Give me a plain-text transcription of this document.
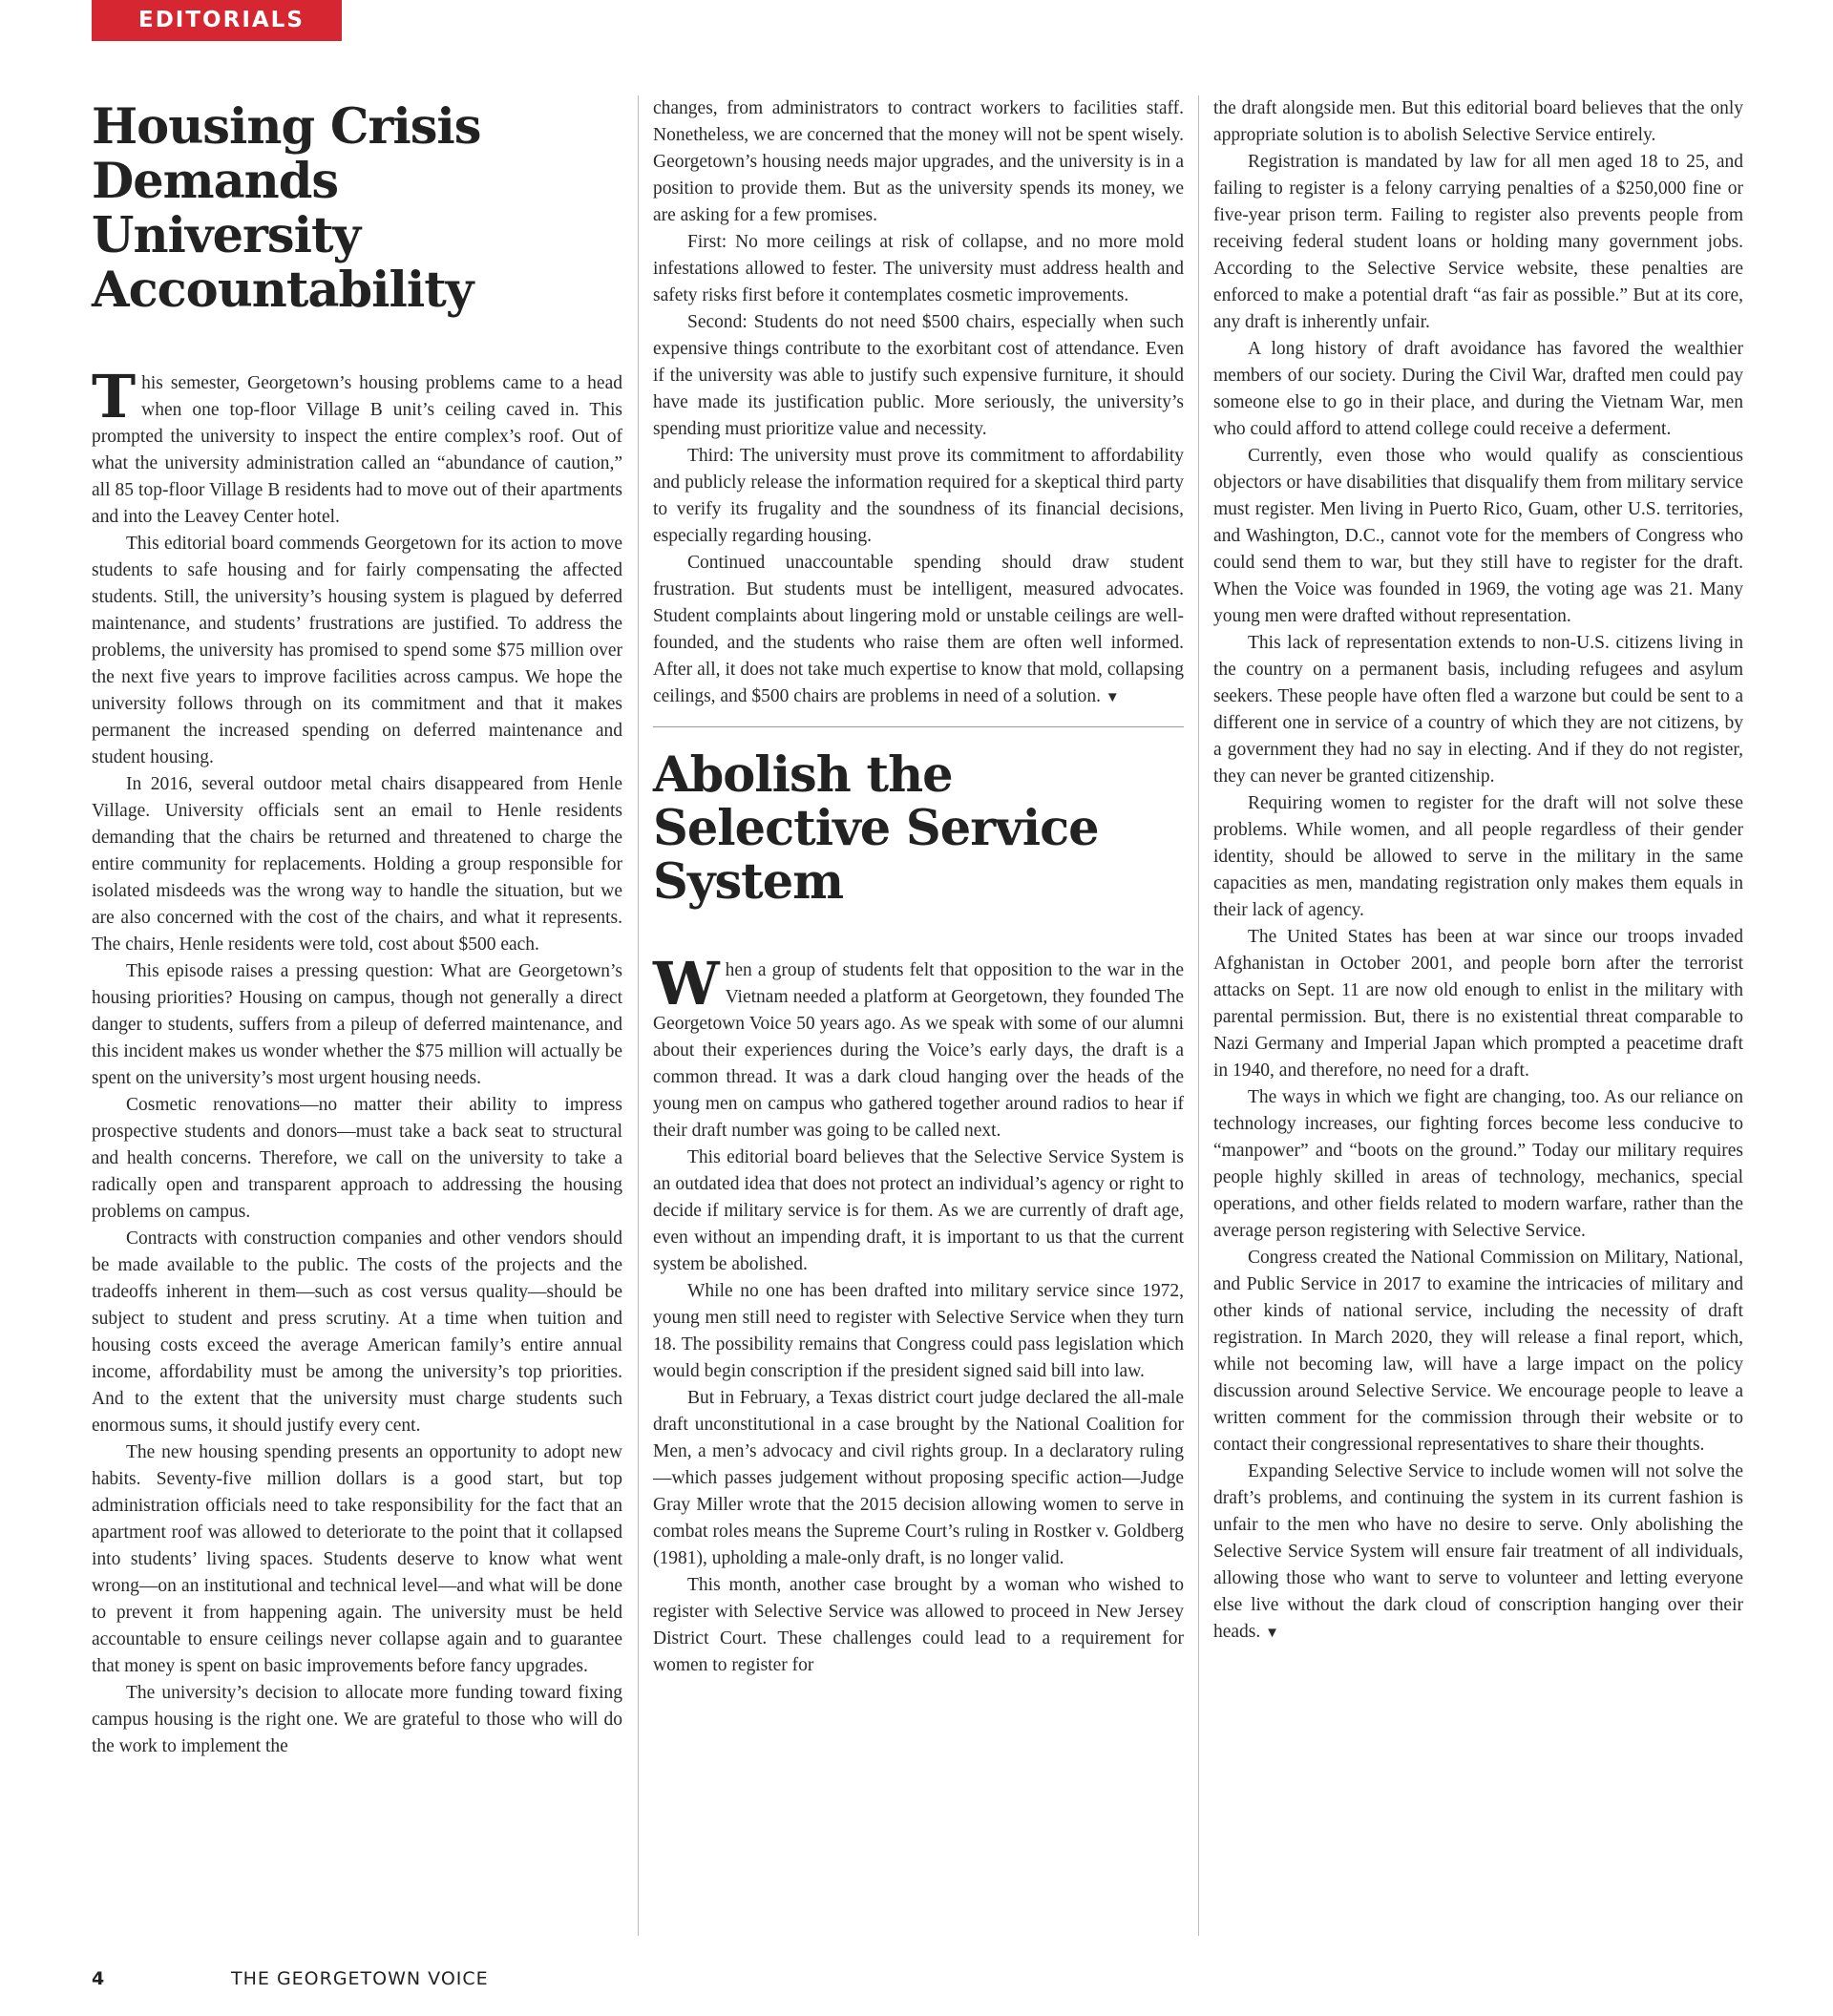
EDITORIALS
Housing Crisis Demands University Accountability

This semester, Georgetown’s housing problems came to a head when one top-floor Village B unit’s ceiling caved in. This prompted the university to inspect the entire complex’s roof. Out of what the university administration called an “abundance of caution,” all 85 top-floor Village B residents had to move out of their apartments and into the Leavey Center hotel.

This editorial board commends Georgetown for its action to move students to safe housing and for fairly compensating the affected students. Still, the university’s housing system is plagued by deferred maintenance, and students’ frustrations are justified. To address the problems, the university has promised to spend some $75 million over the next five years to improve facilities across campus. We hope the university follows through on its commitment and that it makes permanent the increased spending on deferred maintenance and student housing.

In 2016, several outdoor metal chairs disappeared from Henle Village. University officials sent an email to Henle residents demanding that the chairs be returned and threatened to charge the entire community for replacements. Holding a group responsible for isolated misdeeds was the wrong way to handle the situation, but we are also concerned with the cost of the chairs, and what it represents. The chairs, Henle residents were told, cost about $500 each.

This episode raises a pressing question: What are Georgetown’s housing priorities? Housing on campus, though not generally a direct danger to students, suffers from a pileup of deferred maintenance, and this incident makes us wonder whether the $75 million will actually be spent on the university’s most urgent housing needs.

Cosmetic renovations—no matter their ability to impress prospective students and donors—must take a back seat to structural and health concerns. Therefore, we call on the university to take a radically open and transparent approach to addressing the housing problems on campus.

Contracts with construction companies and other vendors should be made available to the public. The costs of the projects and the tradeoffs inherent in them—such as cost versus quality—should be subject to student and press scrutiny. At a time when tuition and housing costs exceed the average American family’s entire annual income, affordability must be among the university’s top priorities. And to the extent that the university must charge students such enormous sums, it should justify every cent.

The new housing spending presents an opportunity to adopt new habits. Seventy-five million dollars is a good start, but top administration officials need to take responsibility for the fact that an apartment roof was allowed to deteriorate to the point that it collapsed into students’ living spaces. Students deserve to know what went wrong—on an institutional and technical level—and what will be done to prevent it from happening again. The university must be held accountable to ensure ceilings never collapse again and to guarantee that money is spent on basic improvements before fancy upgrades.

The university’s decision to allocate more funding toward fixing campus housing is the right one. We are grateful to those who will do the work to implement the

changes, from administrators to contract workers to facilities staff. Nonetheless, we are concerned that the money will not be spent wisely. Georgetown’s housing needs major upgrades, and the university is in a position to provide them. But as the university spends its money, we are asking for a few promises.

First: No more ceilings at risk of collapse, and no more mold infestations allowed to fester. The university must address health and safety risks first before it contemplates cosmetic improvements.

Second: Students do not need $500 chairs, especially when such expensive things contribute to the exorbitant cost of attendance. Even if the university was able to justify such expensive furniture, it should have made its justification public. More seriously, the university’s spending must prioritize value and necessity.

Third: The university must prove its commitment to affordability and publicly release the information required for a skeptical third party to verify its frugality and the soundness of its financial decisions, especially regarding housing.

Continued unaccountable spending should draw student frustration. But students must be intelligent, measured advocates. Student complaints about lingering mold or unstable ceilings are well-founded, and the students who raise them are often well informed. After all, it does not take much expertise to know that mold, collapsing ceilings, and $500 chairs are problems in need of a solution. ▼

Abolish the Selective Service System

When a group of students felt that opposition to the war in the Vietnam needed a platform at Georgetown, they founded The Georgetown Voice 50 years ago. As we speak with some of our alumni about their experiences during the Voice’s early days, the draft is a common thread. It was a dark cloud hanging over the heads of the young men on campus who gathered together around radios to hear if their draft number was going to be called next.

This editorial board believes that the Selective Service System is an outdated idea that does not protect an individual’s agency or right to decide if military service is for them. As we are currently of draft age, even without an impending draft, it is important to us that the current system be abolished.

While no one has been drafted into military service since 1972, young men still need to register with Selective Service when they turn 18. The possibility remains that Congress could pass legislation which would begin conscription if the president signed said bill into law.

But in February, a Texas district court judge declared the all-male draft unconstitutional in a case brought by the National Coalition for Men, a men’s advocacy and civil rights group. In a declaratory ruling—which passes judgement without proposing specific action—Judge Gray Miller wrote that the 2015 decision allowing women to serve in combat roles means the Supreme Court’s ruling in Rostker v. Goldberg (1981), upholding a male-only draft, is no longer valid.

This month, another case brought by a woman who wished to register with Selective Service was allowed to proceed in New Jersey District Court. These challenges could lead to a requirement for women to register for

the draft alongside men. But this editorial board believes that the only appropriate solution is to abolish Selective Service entirely.

Registration is mandated by law for all men aged 18 to 25, and failing to register is a felony carrying penalties of a $250,000 fine or five-year prison term. Failing to register also prevents people from receiving federal student loans or holding many government jobs. According to the Selective Service website, these penalties are enforced to make a potential draft “as fair as possible.” But at its core, any draft is inherently unfair.

A long history of draft avoidance has favored the wealthier members of our society. During the Civil War, drafted men could pay someone else to go in their place, and during the Vietnam War, men who could afford to attend college could receive a deferment.

Currently, even those who would qualify as conscientious objectors or have disabilities that disqualify them from military service must register. Men living in Puerto Rico, Guam, other U.S. territories, and Washington, D.C., cannot vote for the members of Congress who could send them to war, but they still have to register for the draft. When the Voice was founded in 1969, the voting age was 21. Many young men were drafted without representation.

This lack of representation extends to non-U.S. citizens living in the country on a permanent basis, including refugees and asylum seekers. These people have often fled a warzone but could be sent to a different one in service of a country of which they are not citizens, by a government they had no say in electing. And if they do not register, they can never be granted citizenship.

Requiring women to register for the draft will not solve these problems. While women, and all people regardless of their gender identity, should be allowed to serve in the military in the same capacities as men, mandating registration only makes them equals in their lack of agency.

The United States has been at war since our troops invaded Afghanistan in October 2001, and people born after the terrorist attacks on Sept. 11 are now old enough to enlist in the military with parental permission. But, there is no existential threat comparable to Nazi Germany and Imperial Japan which prompted a peacetime draft in 1940, and therefore, no need for a draft.

The ways in which we fight are changing, too. As our reliance on technology increases, our fighting forces become less conducive to “manpower” and “boots on the ground.” Today our military requires people highly skilled in areas of technology, mechanics, special operations, and other fields related to modern warfare, rather than the average person registering with Selective Service.

Congress created the National Commission on Military, National, and Public Service in 2017 to examine the intricacies of military and other kinds of national service, including the necessity of draft registration. In March 2020, they will release a final report, which, while not becoming law, will have a large impact on the policy discussion around Selective Service. We encourage people to leave a written comment for the commission through their website or to contact their congressional representatives to share their thoughts.

Expanding Selective Service to include women will not solve the draft’s problems, and continuing the system in its current fashion is unfair to the men who have no desire to serve. Only abolishing the Selective Service System will ensure fair treatment of all individuals, allowing those who want to serve to volunteer and letting everyone else live without the dark cloud of conscription hanging over their heads. ▼

4	THE GEORGETOWN VOICE
